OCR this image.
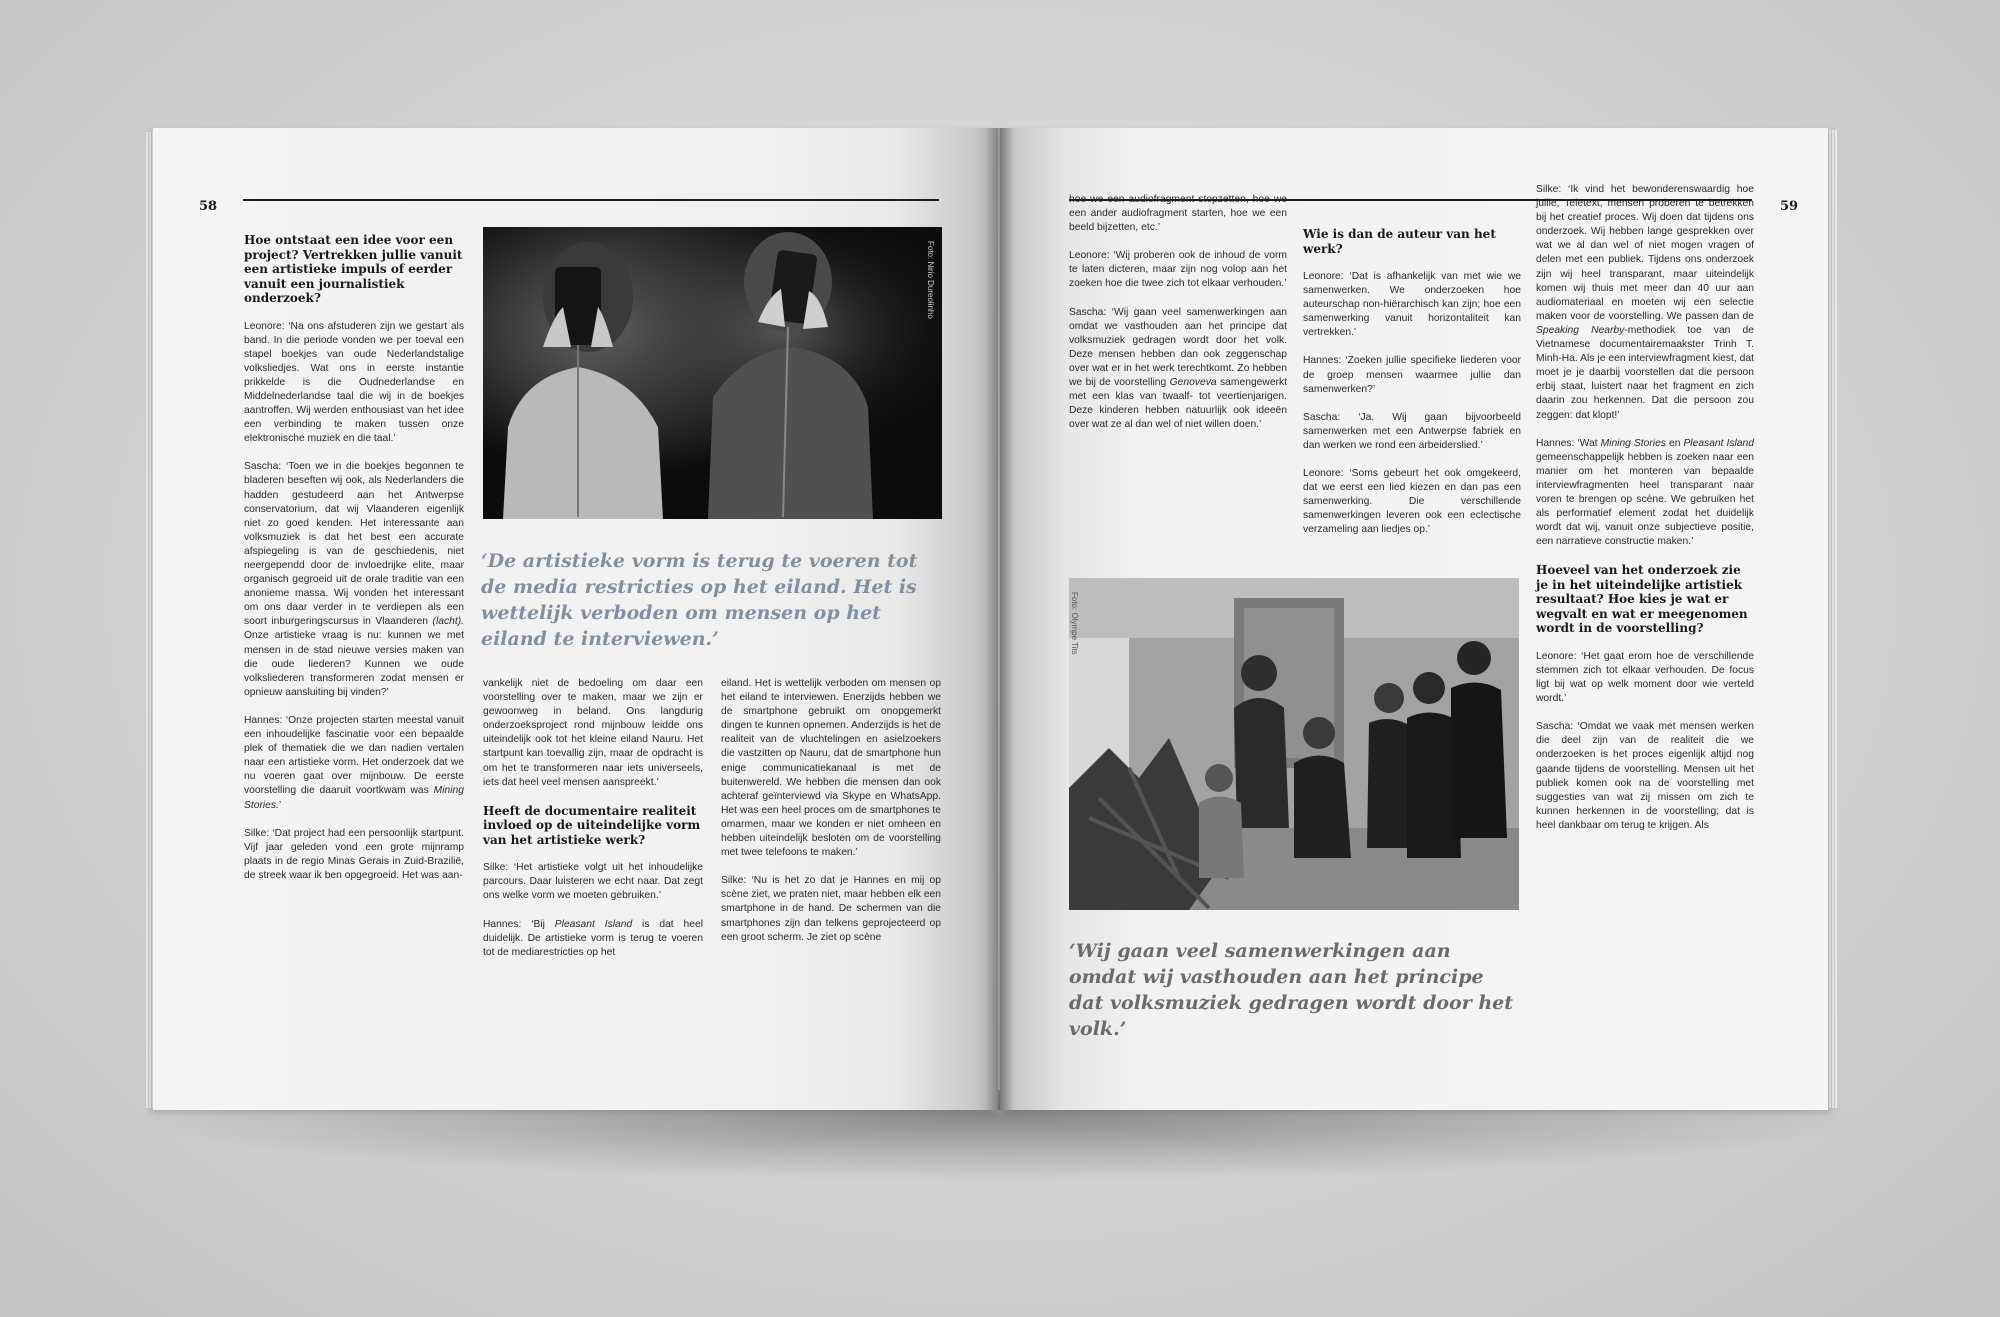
58
Hoe ontstaat een idee voor een project? Vertrekken jullie vanuit een artistieke impuls of eerder vanuit een journalistiek onderzoek?

Leonore: ‘Na ons afstuderen zijn we gestart als band. In die periode vonden we per toeval een stapel boekjes van oude Nederlandstalige volksliedjes. Wat ons in eerste instantie prikkelde is die Oudnederlandse en Middelnederlandse taal die wij in de boekjes aantroffen. Wij werden enthousiast van het idee een verbinding te maken tussen onze elektronische muziek en die taal.’

Sascha: ‘Toen we in die boekjes begonnen te bladeren beseften wij ook, als Nederlanders die hadden gestudeerd aan het Antwerpse conservatorium, dat wij Vlaanderen eigenlijk niet zo goed kenden. Het interessante aan volksmuziek is dat het best een accurate afspiegeling is van de geschiedenis, niet neergependd door de invloedrijke elite, maar organisch gegroeid uit de orale traditie van een anonieme massa. Wij vonden het interessant om ons daar verder in te verdiepen als een soort inburgeringscursus in Vlaanderen (lacht). Onze artistieke vraag is nu: kunnen we met mensen in de stad nieuwe versies maken van die oude liederen? Kunnen we oude volksliederen transformeren zodat mensen er opnieuw aansluiting bij vinden?’

Hannes: ‘Onze projecten starten meestal vanuit een inhoudelijke fascinatie voor een bepaalde plek of thematiek die we dan nadien vertalen naar een artistieke vorm. Het onderzoek dat we nu voeren gaat over mijnbouw. De eerste voorstelling die daaruit voortkwam was Mining Stories.’

Silke: ‘Dat project had een persoonlijk startpunt. Vijf jaar geleden vond een grote mijnramp plaats in de regio Minas Gerais in Zuid-Brazilië, de streek waar ik ben opgegroeid. Het was aan-

Foto: Nirio Dureolinho
‘De artistieke vorm is terug te voeren tot de media restricties op het eiland. Het is wettelijk verboden om mensen op het eiland te interviewen.’

vankelijk niet de bedoeling om daar een voorstelling over te maken, maar we zijn er gewoonweg in beland. Ons langdurig onderzoeksproject rond mijnbouw leidde ons uiteindelijk ook tot het kleine eiland Nauru. Het startpunt kan toevallig zijn, maar de opdracht is om het te transformeren naar iets universeels, iets dat heel veel mensen aanspreekt.’

Heeft de documentaire realiteit invloed op de uiteindelijke vorm van het artistieke werk?

Silke: ‘Het artistieke volgt uit het inhoudelijke parcours. Daar luisteren we echt naar. Dat zegt ons welke vorm we moeten gebruiken.’

Hannes: ‘Bij Pleasant Island is dat heel duidelijk. De artistieke vorm is terug te voeren tot de mediarestricties op het

eiland. Het is wettelijk verboden om mensen op het eiland te interviewen. Enerzijds hebben we de smartphone gebruikt om onopgemerkt dingen te kunnen opnemen. Anderzijds is het de realiteit van de vluchtelingen en asielzoekers die vastzitten op Nauru, dat de smartphone hun enige communicatiekanaal is met de buitenwereld. We hebben die mensen dan ook achteraf geïnterviewd via Skype en WhatsApp. Het was een heel proces om de smartphones te omarmen, maar we konden er niet omheen en hebben uiteindelijk besloten om de voorstelling met twee telefoons te maken.’

Silke: ‘Nu is het zo dat je Hannes en mij op scène ziet, we praten niet, maar hebben elk een smartphone in de hand. De schermen van die smartphones zijn dan telkens geprojecteerd op een groot scherm. Je ziet op scène

59

hoe we een audiofragment stopzetten, hoe we een ander audiofragment starten, hoe we een beeld bijzetten, etc.’

Leonore: ‘Wij proberen ook de inhoud de vorm te laten dicteren, maar zijn nog volop aan het zoeken hoe die twee zich tot elkaar verhouden.’

Sascha: ‘Wij gaan veel samenwerkingen aan omdat we vasthouden aan het principe dat volksmuziek gedragen wordt door het volk. Deze mensen hebben dan ook zeggenschap over wat er in het werk terechtkomt. Zo hebben we bij de voorstelling Genoveva samengewerkt met een klas van twaalf- tot veertienjarigen. Deze kinderen hebben natuurlijk ook ideeën over wat ze al dan wel of niet willen doen.’

Wie is dan de auteur van het werk?

Leonore: ‘Dat is afhankelijk van met wie we samenwerken. We onderzoeken hoe auteurschap non-hiërarchisch kan zijn; hoe een samenwerking vanuit horizontaliteit kan vertrekken.’

Hannes: ‘Zoeken jullie specifieke liederen voor de groep mensen waarmee jullie dan samenwerken?’

Sascha: ‘Ja. Wij gaan bijvoorbeeld samenwerken met een Antwerpse fabriek en dan werken we rond een arbeiderslied.’

Leonore: ‘Soms gebeurt het ook omgekeerd, dat we eerst een lied kiezen en dan pas een samenwerking. Die verschillende samenwerkingen leveren ook een eclectische verzameling aan liedjes op.’

Foto: Olympe Tits
‘Wij gaan veel samenwerkingen aan omdat wij vasthouden aan het principe dat volksmuziek gedragen wordt door het volk.’

Silke: ‘Ik vind het bewonderenswaardig hoe jullie, Teletext, mensen proberen te betrekken bij het creatief proces. Wij doen dat tijdens ons onderzoek. Wij hebben lange gesprekken over wat we al dan wel of niet mogen vragen of delen met een publiek. Tijdens ons onderzoek zijn wij heel transparant, maar uiteindelijk komen wij thuis met meer dan 40 uur aan audiomateriaal en moeten wij een selectie maken voor de voorstelling. We passen dan de Speaking Nearby-methodiek toe van de Vietnamese documentairemaakster Trinh T. Minh-Ha. Als je een interviewfragment kiest, dat moet je je daarbij voorstellen dat die persoon erbij staat, luistert naar het fragment en zich daarin zou herkennen. Dat die persoon zou zeggen: dat klopt!’

Hannes: ‘Wat Mining Stories en Pleasant Island gemeenschappelijk hebben is zoeken naar een manier om het monteren van bepaalde interviewfragmenten heel transparant naar voren te brengen op scène. We gebruiken het als performatief element zodat het duidelijk wordt dat wij, vanuit onze subjectieve positie, een narratieve constructie maken.’

Hoeveel van het onderzoek zie je in het uiteindelijke artistiek resultaat? Hoe kies je wat er wegvalt en wat er meegenomen wordt in de voorstelling?

Leonore: ‘Het gaat erom hoe de verschillende stemmen zich tot elkaar verhouden. De focus ligt bij wat op welk moment door wie verteld wordt.’

Sascha: ‘Omdat we vaak met mensen werken die deel zijn van de realiteit die we onderzoeken is het proces eigenlijk altijd nog gaande tijdens de voorstelling. Mensen uit het publiek komen ook na de voorstelling met suggesties van wat zij missen om zich te kunnen herkennen in de voorstelling; dat is heel dankbaar om terug te krijgen. Als
